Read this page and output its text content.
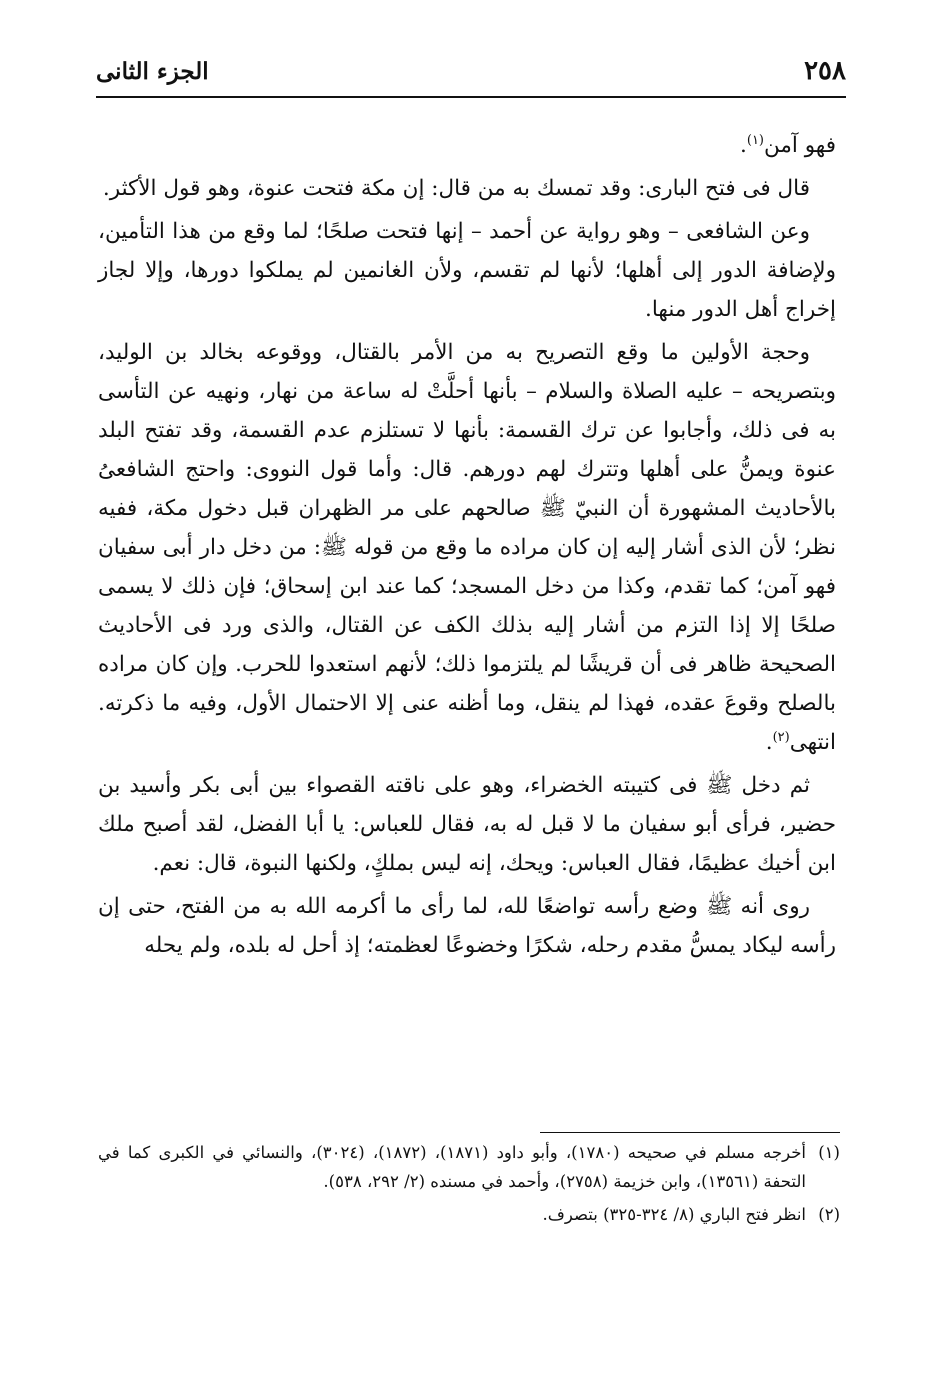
٢٥٨
الجزء الثانى

فهو آمن$^{(١)}$.

قال فى فتح البارى: وقد تمسك به من قال: إن مكة فتحت عنوة، وهو قول الأكثر.

وعن الشافعى – وهو رواية عن أحمد – إنها فتحت صلحًا؛ لما وقع من هذا التأمين، ولإضافة الدور إلى أهلها؛ لأنها لم تقسم، ولأن الغانمين لم يملكوا دورها، وإلا لجاز إخراج أهل الدور منها.

وحجة الأولين ما وقع التصريح به من الأمر بالقتال، ووقوعه بخالد بن الوليد، وبتصريحه – عليه الصلاة والسلام – بأنها أحلَّتْ له ساعة من نهار، ونهيه عن التأسى به فى ذلك، وأجابوا عن ترك القسمة: بأنها لا تستلزم عدم القسمة، وقد تفتح البلد عنوة ويمنُّ على أهلها وتترك لهم دورهم. قال: وأما قول النووى: واحتج الشافعىُ بالأحاديث المشهورة أن النبيّ ﷺ صالحهم على مر الظهران قبل دخول مكة، ففيه نظر؛ لأن الذى أشار إليه إن كان مراده ما وقع من قوله ﷺ: من دخل دار أبى سفيان فهو آمن؛ كما تقدم، وكذا من دخل المسجد؛ كما عند ابن إسحاق؛ فإن ذلك لا يسمى صلحًا إلا إذا التزم من أشار إليه بذلك الكف عن القتال، والذى ورد فى الأحاديث الصحيحة ظاهر فى أن قريشًا لم يلتزموا ذلك؛ لأنهم استعدوا للحرب. وإن كان مراده بالصلح وقوعَ عقده، فهذا لم ينقل، وما أظنه عنى إلا الاحتمال الأول، وفيه ما ذكرته. انتهى$^{(٢)}$.

ثم دخل ﷺ فى كتيبته الخضراء، وهو على ناقته القصواء بين أبى بكر وأسيد بن حضير، فرأى أبو سفيان ما لا قبل له به، فقال للعباس: يا أبا الفضل، لقد أصبح ملك ابن أخيك عظيمًا، فقال العباس: ويحك، إنه ليس بملكٍ، ولكنها النبوة، قال: نعم.

روى أنه ﷺ وضع رأسه تواضعًا لله، لما رأى ما أكرمه الله به من الفتح، حتى إن رأسه ليكاد يمسُّ مقدم رحله، شكرًا وخضوعًا لعظمته؛ إذ أحل له بلده، ولم يحله

(١)أخرجه مسلم في صحيحه (١٧٨٠)، وأبو داود (١٨٧١)، (١٨٧٢)، (٣٠٢٤)، والنسائي في الكبرى كما في التحفة (١٣٥٦١)، وابن خزيمة (٢٧٥٨)، وأحمد في مسنده (٢/ ٢٩٢، ٥٣٨).

(٢)انظر فتح الباري (٨/ ٣٢٤-٣٢٥) بتصرف.
